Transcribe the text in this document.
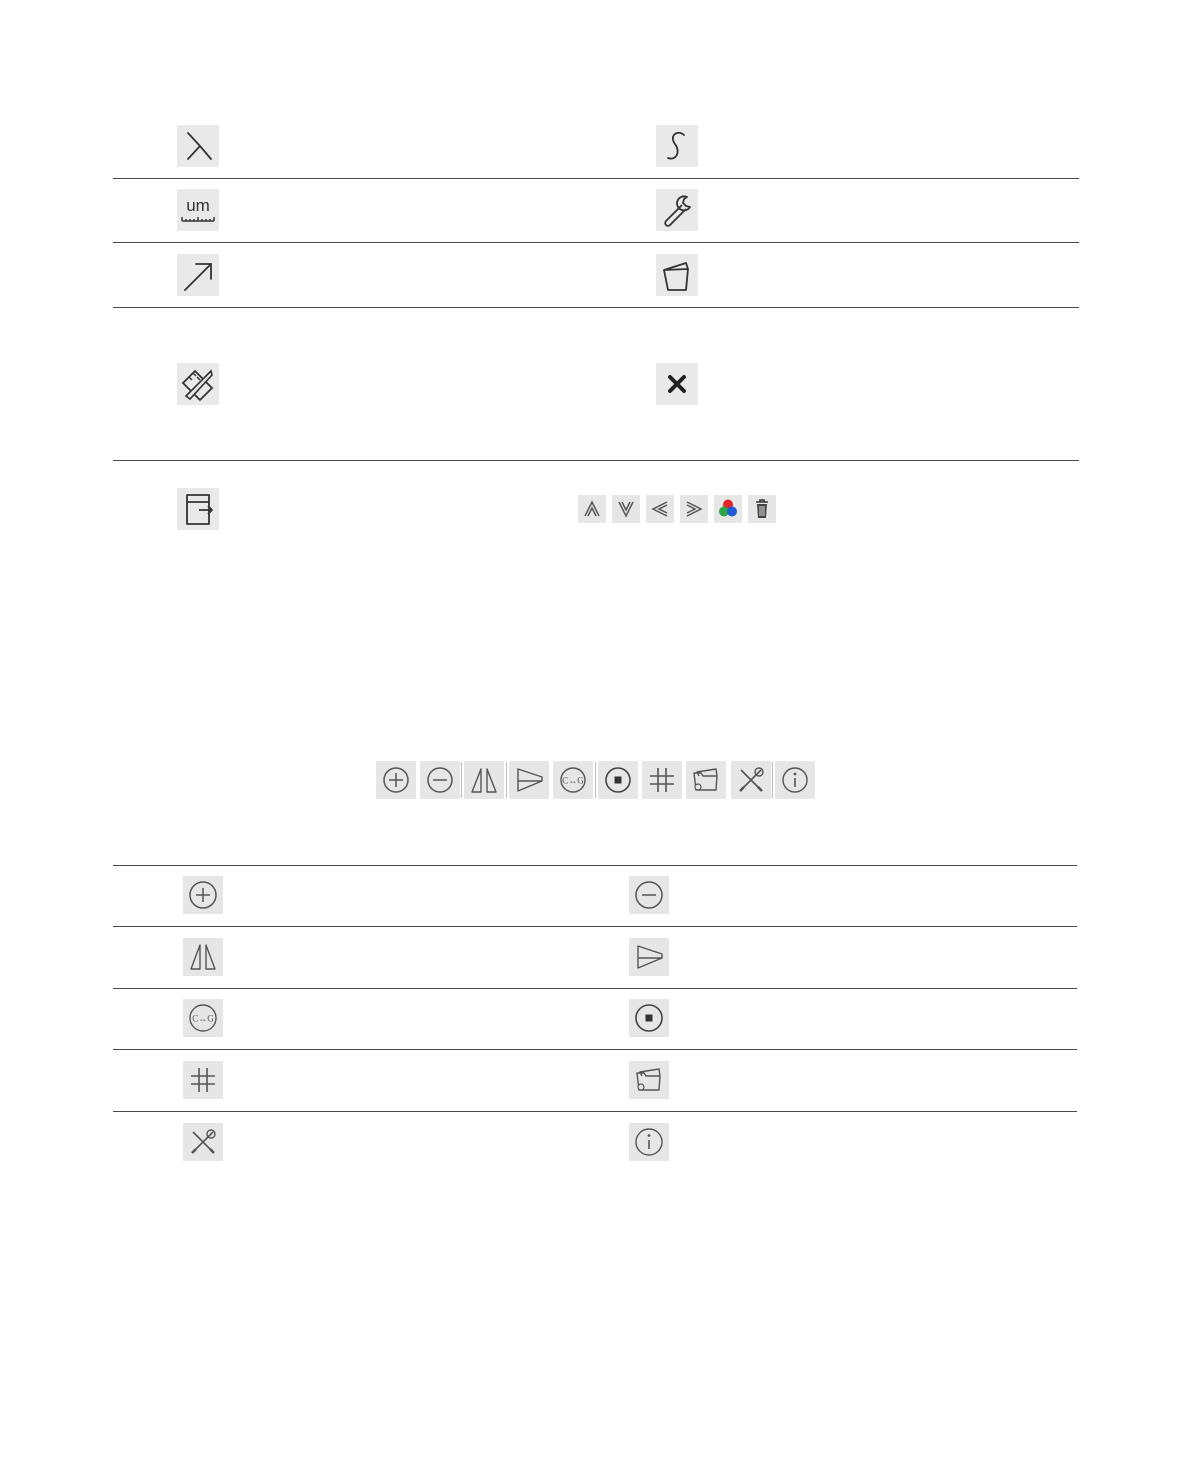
um
C↔G
C↔G
